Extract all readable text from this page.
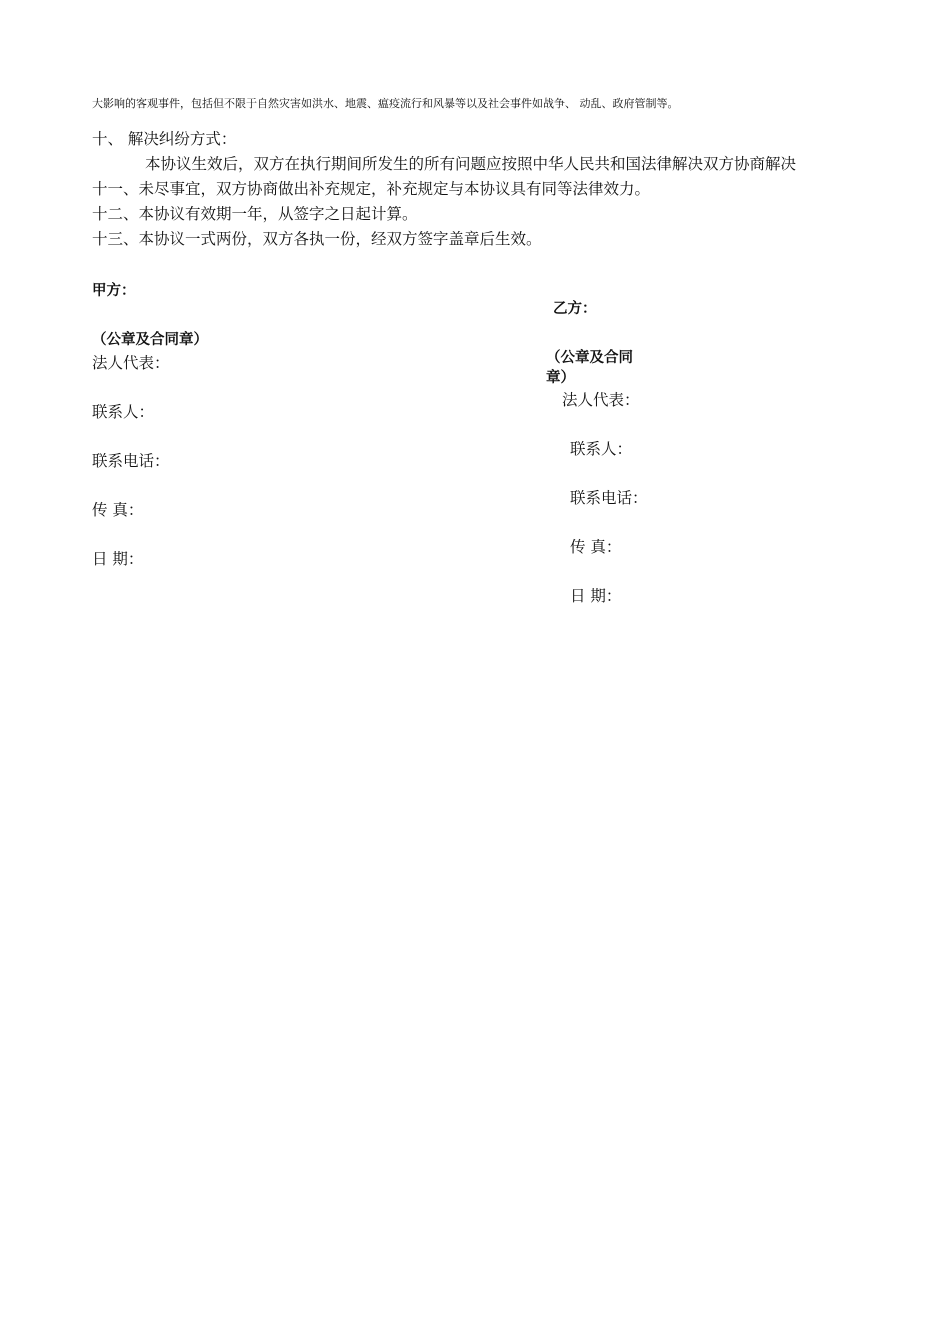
大影响的客观事件，包括但不限于自然灾害如洪水、地震、瘟疫流行和风暴等以及社会事件如战争、 动乱、政府管制等。
十、 解决纠纷方式：
本协议生效后，双方在执行期间所发生的所有问题应按照中华人民共和国法律解决双方协商解决
十一、未尽事宜，双方协商做出补充规定，补充规定与本协议具有同等法律效力。
十二、本协议有效期一年，从签字之日起计算。
十三、本协议一式两份，双方各执一份，经双方签字盖章后生效。
甲方：
（公章及合同章）
法人代表：
联系人：
联系电话：
传 真：
日 期：
乙方：
（公章及合同
章）
法人代表：
联系人：
联系电话：
传 真：
日 期：
